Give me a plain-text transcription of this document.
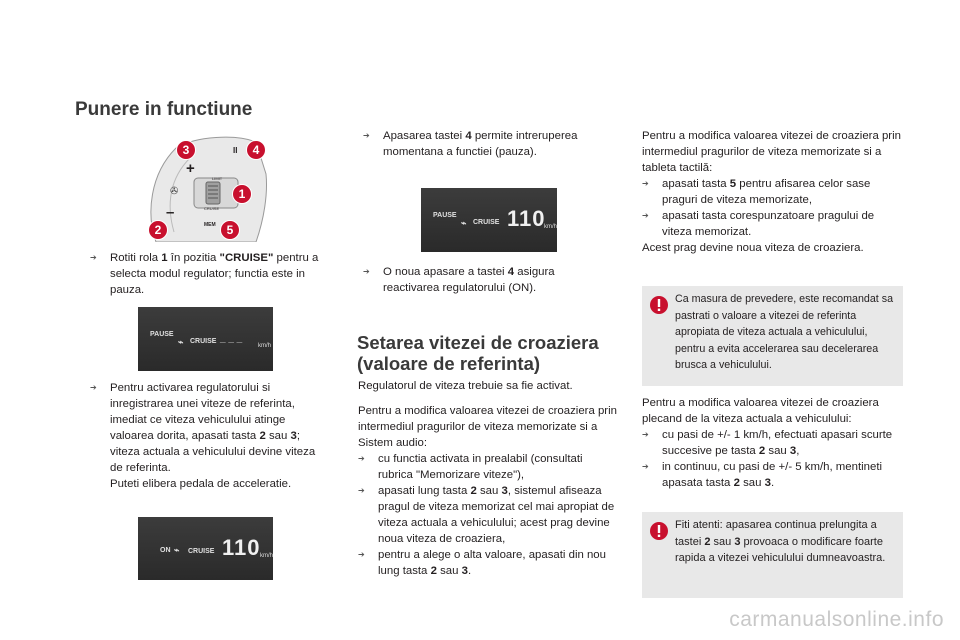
Punere in functiune
+
–
II
LIMIT
CRUISE
MEM
✇
3	4
1
2	5

➔ Rotiti rola 1 în pozitia "CRUISE" pentru a selecta modul regulator; functia este in pauza.

PAUSE
⌁ CRUISE _ _ _
km/h

➔ Pentru activarea regulatorului si inregistrarea unei viteze de referinta, imediat ce viteza vehiculului atinge valoarea dorita, apasati tasta 2 sau 3; viteza actuala a vehiculului devine viteza de referinta.

Puteti elibera pedala de acceleratie.

ON ⌁ CRUISE 110 km/h

➔ Apasarea tastei 4 permite intreruperea momentana a functiei (pauza).

PAUSE
⌁ CRUISE 110
km/h

➔ O noua apasare a tastei 4 asigura reactivarea regulatorului (ON).

Setarea vitezei de croaziera (valoare de referinta)
Regulatorul de viteza trebuie sa fie activat.

Pentru a modifica valoarea vitezei de croaziera prin intermediul pragurilor de viteza memorizate si a Sistem audio:

➔ cu functia activata in prealabil (consultati rubrica "Memorizare viteze"),

➔ apasati lung tasta 2 sau 3, sistemul afiseaza pragul de viteza memorizat cel mai apropiat de viteza actuala a vehiculului; acest prag devine noua viteza de croaziera,

➔ pentru a alege o alta valoare, apasati din nou lung tasta 2 sau 3.

Pentru a modifica valoarea vitezei de croaziera prin intermediul pragurilor de viteza memorizate si a tableta tactilă:

➔ apasati tasta 5 pentru afisarea celor sase praguri de viteza memorizate,

➔ apasati tasta corespunzatoare pragului de viteza memorizat.

Acest prag devine noua viteza de croaziera.

Ca masura de prevedere, este recomandat sa pastrati o valoare a vitezei de referinta apropiata de viteza actuala a vehiculului, pentru a evita accelerarea sau decelerarea brusca a vehiculului.

Pentru a modifica valoarea vitezei de croaziera plecand de la viteza actuala a vehiculului:

➔ cu pasi de +/- 1 km/h, efectuati apasari scurte succesive pe tasta 2 sau 3,

➔ in continuu, cu pasi de +/- 5 km/h, mentineti apasata tasta 2 sau 3.

Fiti atenti: apasarea continua prelungita a tastei 2 sau 3 provoaca o modificare foarte rapida a vitezei vehiculului dumneavoastra.
carmanualsonline.info
